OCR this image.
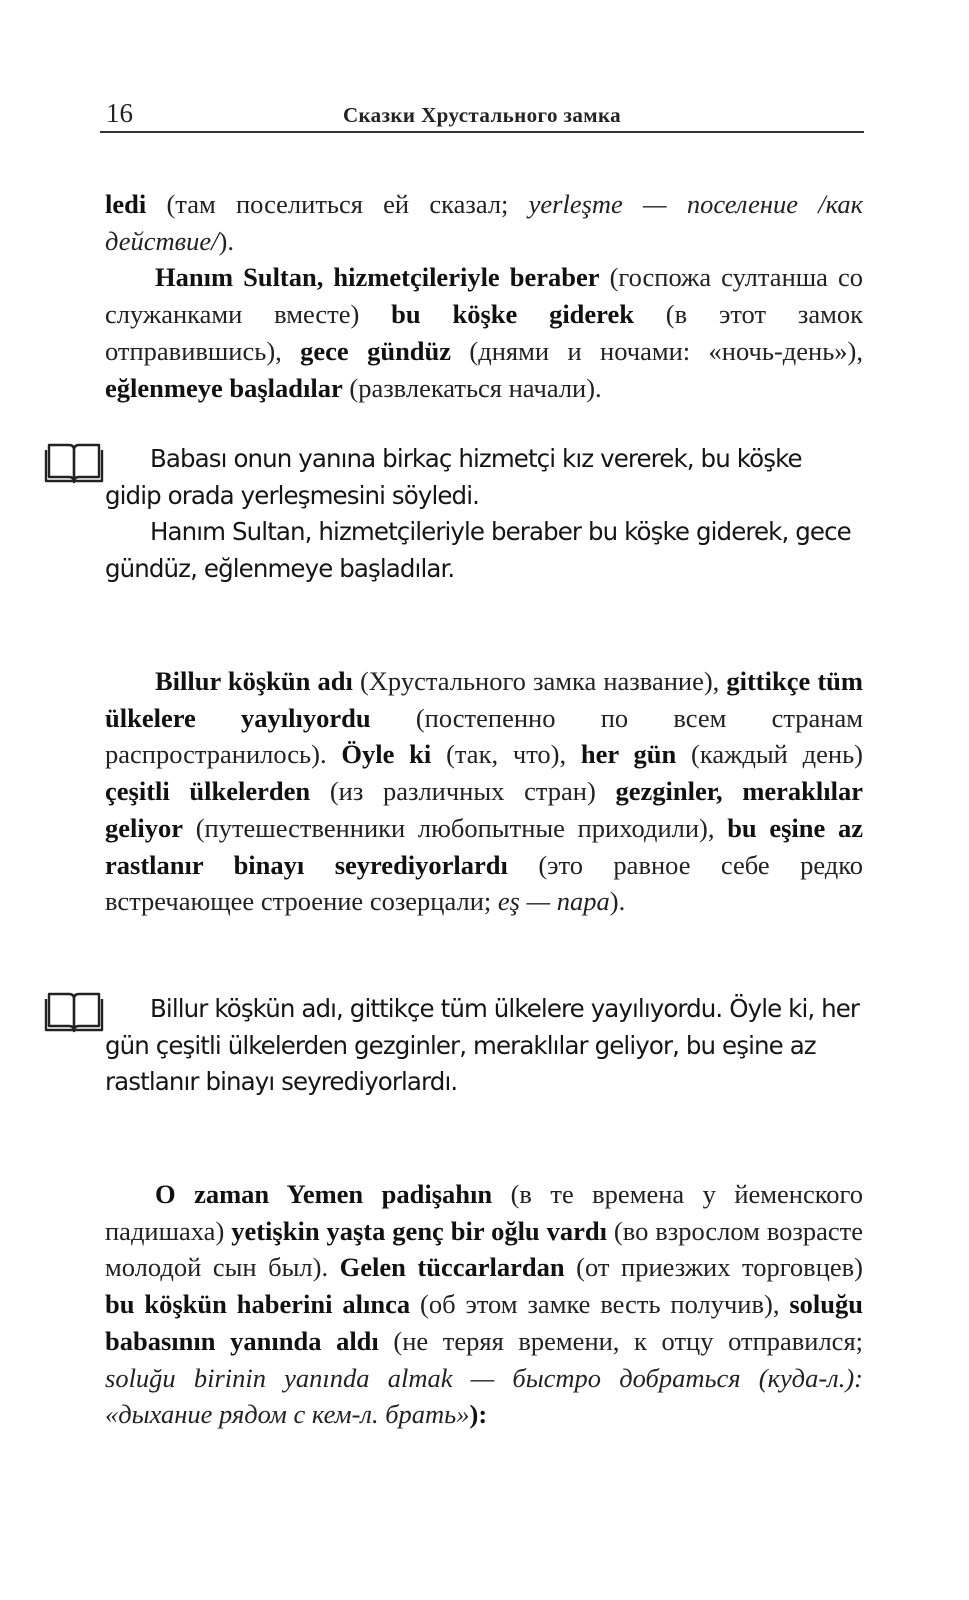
16	Сказки Хрустального замка

ledi (там поселиться ей сказал; yerleşme — поселение /как действие/).

Hanım Sultan, hizmetçileriyle beraber (госпожа султанша со служанками вместе) bu köşke giderek (в этот замок отправившись), gece gündüz (днями и ночами: «ночь-день»), eğlenmeye başladılar (развлекаться начали).

Babası onun yanına birkaç hizmetçi kız vererek, bu köşke gidip orada yerleşmesini söyledi.

Hanım Sultan, hizmetçileriyle beraber bu köşke giderek, gece gündüz, eğlenmeye başladılar.

Billur köşkün adı (Хрустального замка название), gittikçe tüm ülkelere yayılıyordu (постепенно по всем странам распространилось). Öyle ki (так, что), her gün (каждый день) çeşitli ülkelerden (из различных стран) gezginler, meraklılar geliyor (путешественники любопытные приходили), bu eşine az rastlanır binayı seyrediyorlardı (это равное себе редко встречающее строение созерцали; eş — пара).

Billur köşkün adı, gittikçe tüm ülkelere yayılıyordu. Öyle ki, her gün çeşitli ülkelerden gezginler, meraklılar geliyor, bu eşine az rastlanır binayı seyrediyorlardı.

O zaman Yemen padişahın (в те времена у йеменского падишаха) yetişkin yaşta genç bir oğlu vardı (во взрослом возрасте молодой сын был). Gelen tüccarlardan (от приезжих торговцев) bu köşkün haberini alınca (об этом замке весть получив), soluğu babasının yanında aldı (не теряя времени, к отцу отправился; soluğu birinin yanında almak — быстро добраться (куда-л.): «дыхание рядом с кем-л. брать»):
